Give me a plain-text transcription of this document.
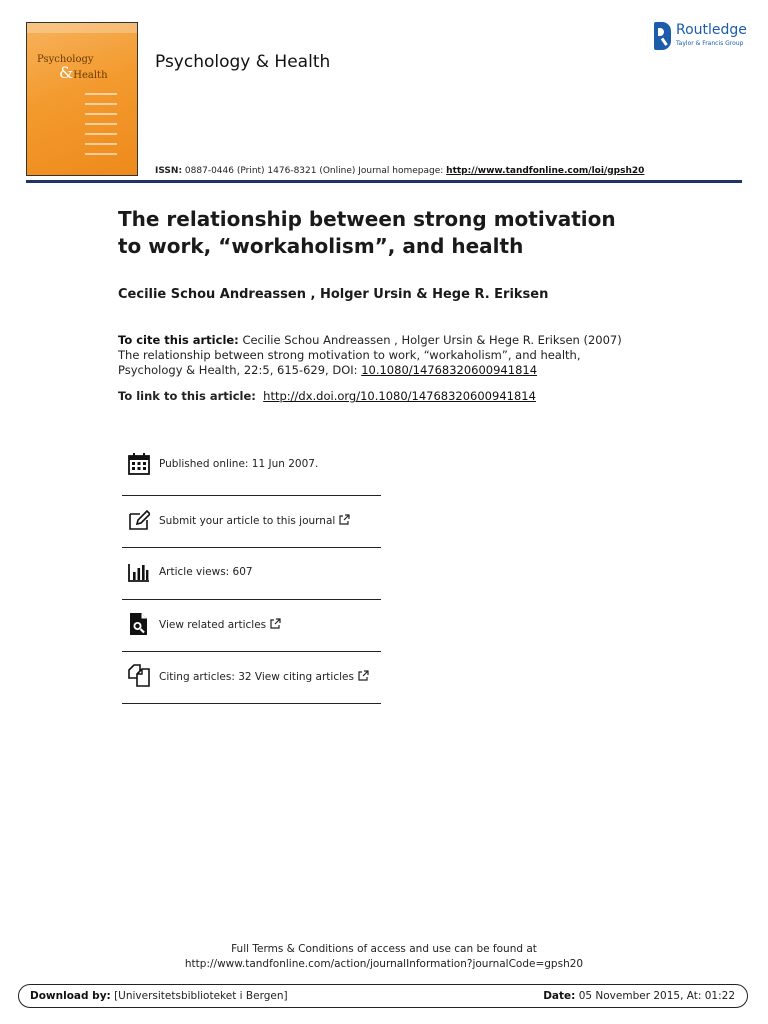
Psychology
&Health
Psychology & Health
ISSN: 0887-0446 (Print) 1476-8321 (Online) Journal homepage: http://www.tandfonline.com/loi/gpsh20
Routledge
Taylor & Francis Group
The relationship between strong motivation to work, “workaholism”, and health
Cecilie Schou Andreassen , Holger Ursin & Hege R. Eriksen
To cite this article: Cecilie Schou Andreassen , Holger Ursin & Hege R. Eriksen (2007) The relationship between strong motivation to work, “workaholism”, and health, Psychology & Health, 22:5, 615-629, DOI: 10.1080/14768320600941814
To link to this article: http://dx.doi.org/10.1080/14768320600941814
Published online: 11 Jun 2007.
Submit your article to this journal
Article views: 607
View related articles
Citing articles: 32 View citing articles
Full Terms & Conditions of access and use can be found at
http://www.tandfonline.com/action/journalInformation?journalCode=gpsh20
Download by: [Universitetsbiblioteket i Bergen]	Date: 05 November 2015, At: 01:22
